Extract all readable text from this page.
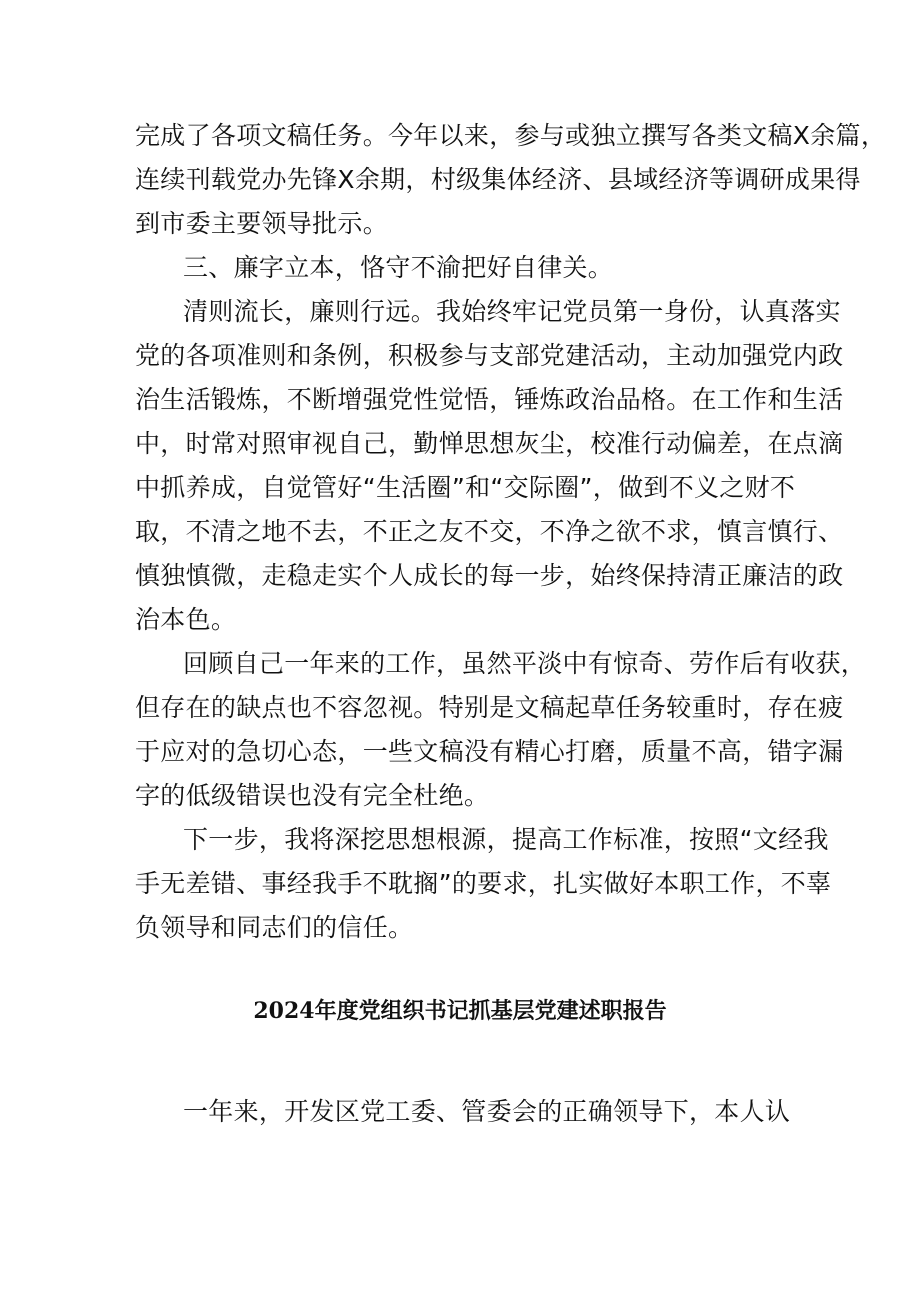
完成了各项文稿任务。今年以来，参与或独立撰写各类文稿X余篇，
连续刊载党办先锋X余期，村级集体经济、县域经济等调研成果得
到市委主要领导批示。
三、廉字立本，恪守不渝把好自律关。
清则流长，廉则行远。我始终牢记党员第一身份，认真落实
党的各项准则和条例，积极参与支部党建活动，主动加强党内政
治生活锻炼，不断增强党性觉悟，锤炼政治品格。在工作和生活
中，时常对照审视自己，勤惮思想灰尘，校准行动偏差，在点滴
中抓养成，自觉管好“生活圈”和“交际圈”，做到不义之财不
取，不清之地不去，不正之友不交，不净之欲不求，慎言慎行、
慎独慎微，走稳走实个人成长的每一步，始终保持清正廉洁的政
治本色。
回顾自己一年来的工作，虽然平淡中有惊奇、劳作后有收获，
但存在的缺点也不容忽视。特别是文稿起草任务较重时，存在疲
于应对的急切心态，一些文稿没有精心打磨，质量不高，错字漏
字的低级错误也没有完全杜绝。
下一步，我将深挖思想根源，提高工作标准，按照“文经我
手无差错、事经我手不耽搁”的要求，扎实做好本职工作，不辜
负领导和同志们的信任。
2024年度党组织书记抓基层党建述职报告
一年来，开发区党工委、管委会的正确领导下，本人认
